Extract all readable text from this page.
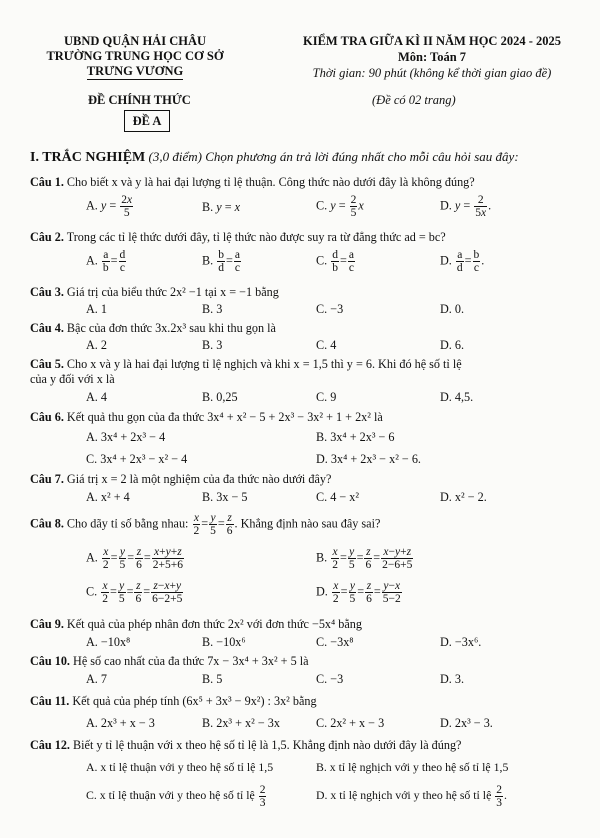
UBND QUẬN HẢI CHÂU
TRƯỜNG TRUNG HỌC CƠ SỞ
TRƯNG VƯƠNG
KIỂM TRA GIỮA KÌ II NĂM HỌC 2024 - 2025
Môn: Toán 7
Thời gian: 90 phút (không kể thời gian giao đề)
ĐỀ CHÍNH THỨC	(Đề có 02 trang)
ĐỀ A
I. TRẮC NGHIỆM (3,0 điểm) Chọn phương án trả lời đúng nhất cho mỗi câu hỏi sau đây:
Câu 1. Cho biết x và y là hai đại lượng tỉ lệ thuận. Công thức nào dưới đây là không đúng?
A. $y = \frac{2x}{5}$	B. y = x	C. $y = \frac{2}{5}$ x	D. $y = \frac{2}{5x}$ .
Câu 2. Trong các tỉ lệ thức dưới đây, tỉ lệ thức nào được suy ra từ đẳng thức ad = bc?
A. $\frac{a}{b} = \frac{d}{c}$	B. $\frac{b}{d} = \frac{a}{c}$	C. $\frac{d}{b} = \frac{a}{c}$	D. $\frac{a}{d} = \frac{b}{c}$ .
Câu 3. Giá trị của biểu thức 2x² −1 tại x = −1 bằng
A. 1	B. 3	C. −3	D. 0.
Câu 4. Bậc của đơn thức 3x.2x³ sau khi thu gọn là
A. 2	B. 3	C. 4	D. 6.
Câu 5. Cho x và y là hai đại lượng tỉ lệ nghịch và khi x = 1,5 thì y = 6. Khi đó hệ số tỉ lệ
của y đối với x là
A. 4	B. 0,25	C. 9	D. 4,5.
Câu 6. Kết quả thu gọn của đa thức 3x⁴ + x² − 5 + 2x³ − 3x² + 1 + 2x² là
A. 3x⁴ + 2x³ − 4	B. 3x⁴ + 2x³ − 6
C. 3x⁴ + 2x³ − x² − 4	D. 3x⁴ + 2x³ − x² − 6.
Câu 7. Giá trị x = 2 là một nghiệm của đa thức nào dưới đây?
A. x² + 4	B. 3x − 5	C. 4 − x²	D. x² − 2.
Câu 8. Cho dãy tỉ số bằng nhau: $\frac{x}{2} = \frac{y}{5} = \frac{z}{6}$ . Khẳng định nào sau đây sai?
A. $\frac{x}{2} = \frac{y}{5} = \frac{z}{6} = \frac{x+y+z}{2+5+6}$	B. $\frac{x}{2} = \frac{y}{5} = \frac{z}{6} = \frac{x-y+z}{2-6+5}$
C. $\frac{x}{2} = \frac{y}{5} = \frac{z}{6} = \frac{z-x+y}{6-2+5}$	D. $\frac{x}{2} = \frac{y}{5} = \frac{z}{6} = \frac{y-x}{5-2}$
Câu 9. Kết quả của phép nhân đơn thức 2x² với đơn thức −5x⁴ bằng
A. −10x⁸	B. −10x⁶	C. −3x⁸	D. −3x⁶.
Câu 10. Hệ số cao nhất của đa thức 7x − 3x⁴ + 3x² + 5 là
A. 7	B. 5	C. −3	D. 3.
Câu 11. Kết quả của phép tính (6x⁵ + 3x³ − 9x²) : 3x² bằng
A. 2x³ + x − 3	B. 2x³ + x² − 3x	C. 2x² + x − 3	D. 2x³ − 3.
Câu 12. Biết y tỉ lệ thuận với x theo hệ số tỉ lệ là 1,5. Khẳng định nào dưới đây là đúng?
A. x tỉ lệ thuận với y theo hệ số tỉ lệ 1,5	B. x tỉ lệ nghịch với y theo hệ số tỉ lệ 1,5
C. x tỉ lệ thuận với y theo hệ số tỉ lệ $\frac{2}{3}$	D. x tỉ lệ nghịch với y theo hệ số tỉ lệ $\frac{2}{3}$ .
